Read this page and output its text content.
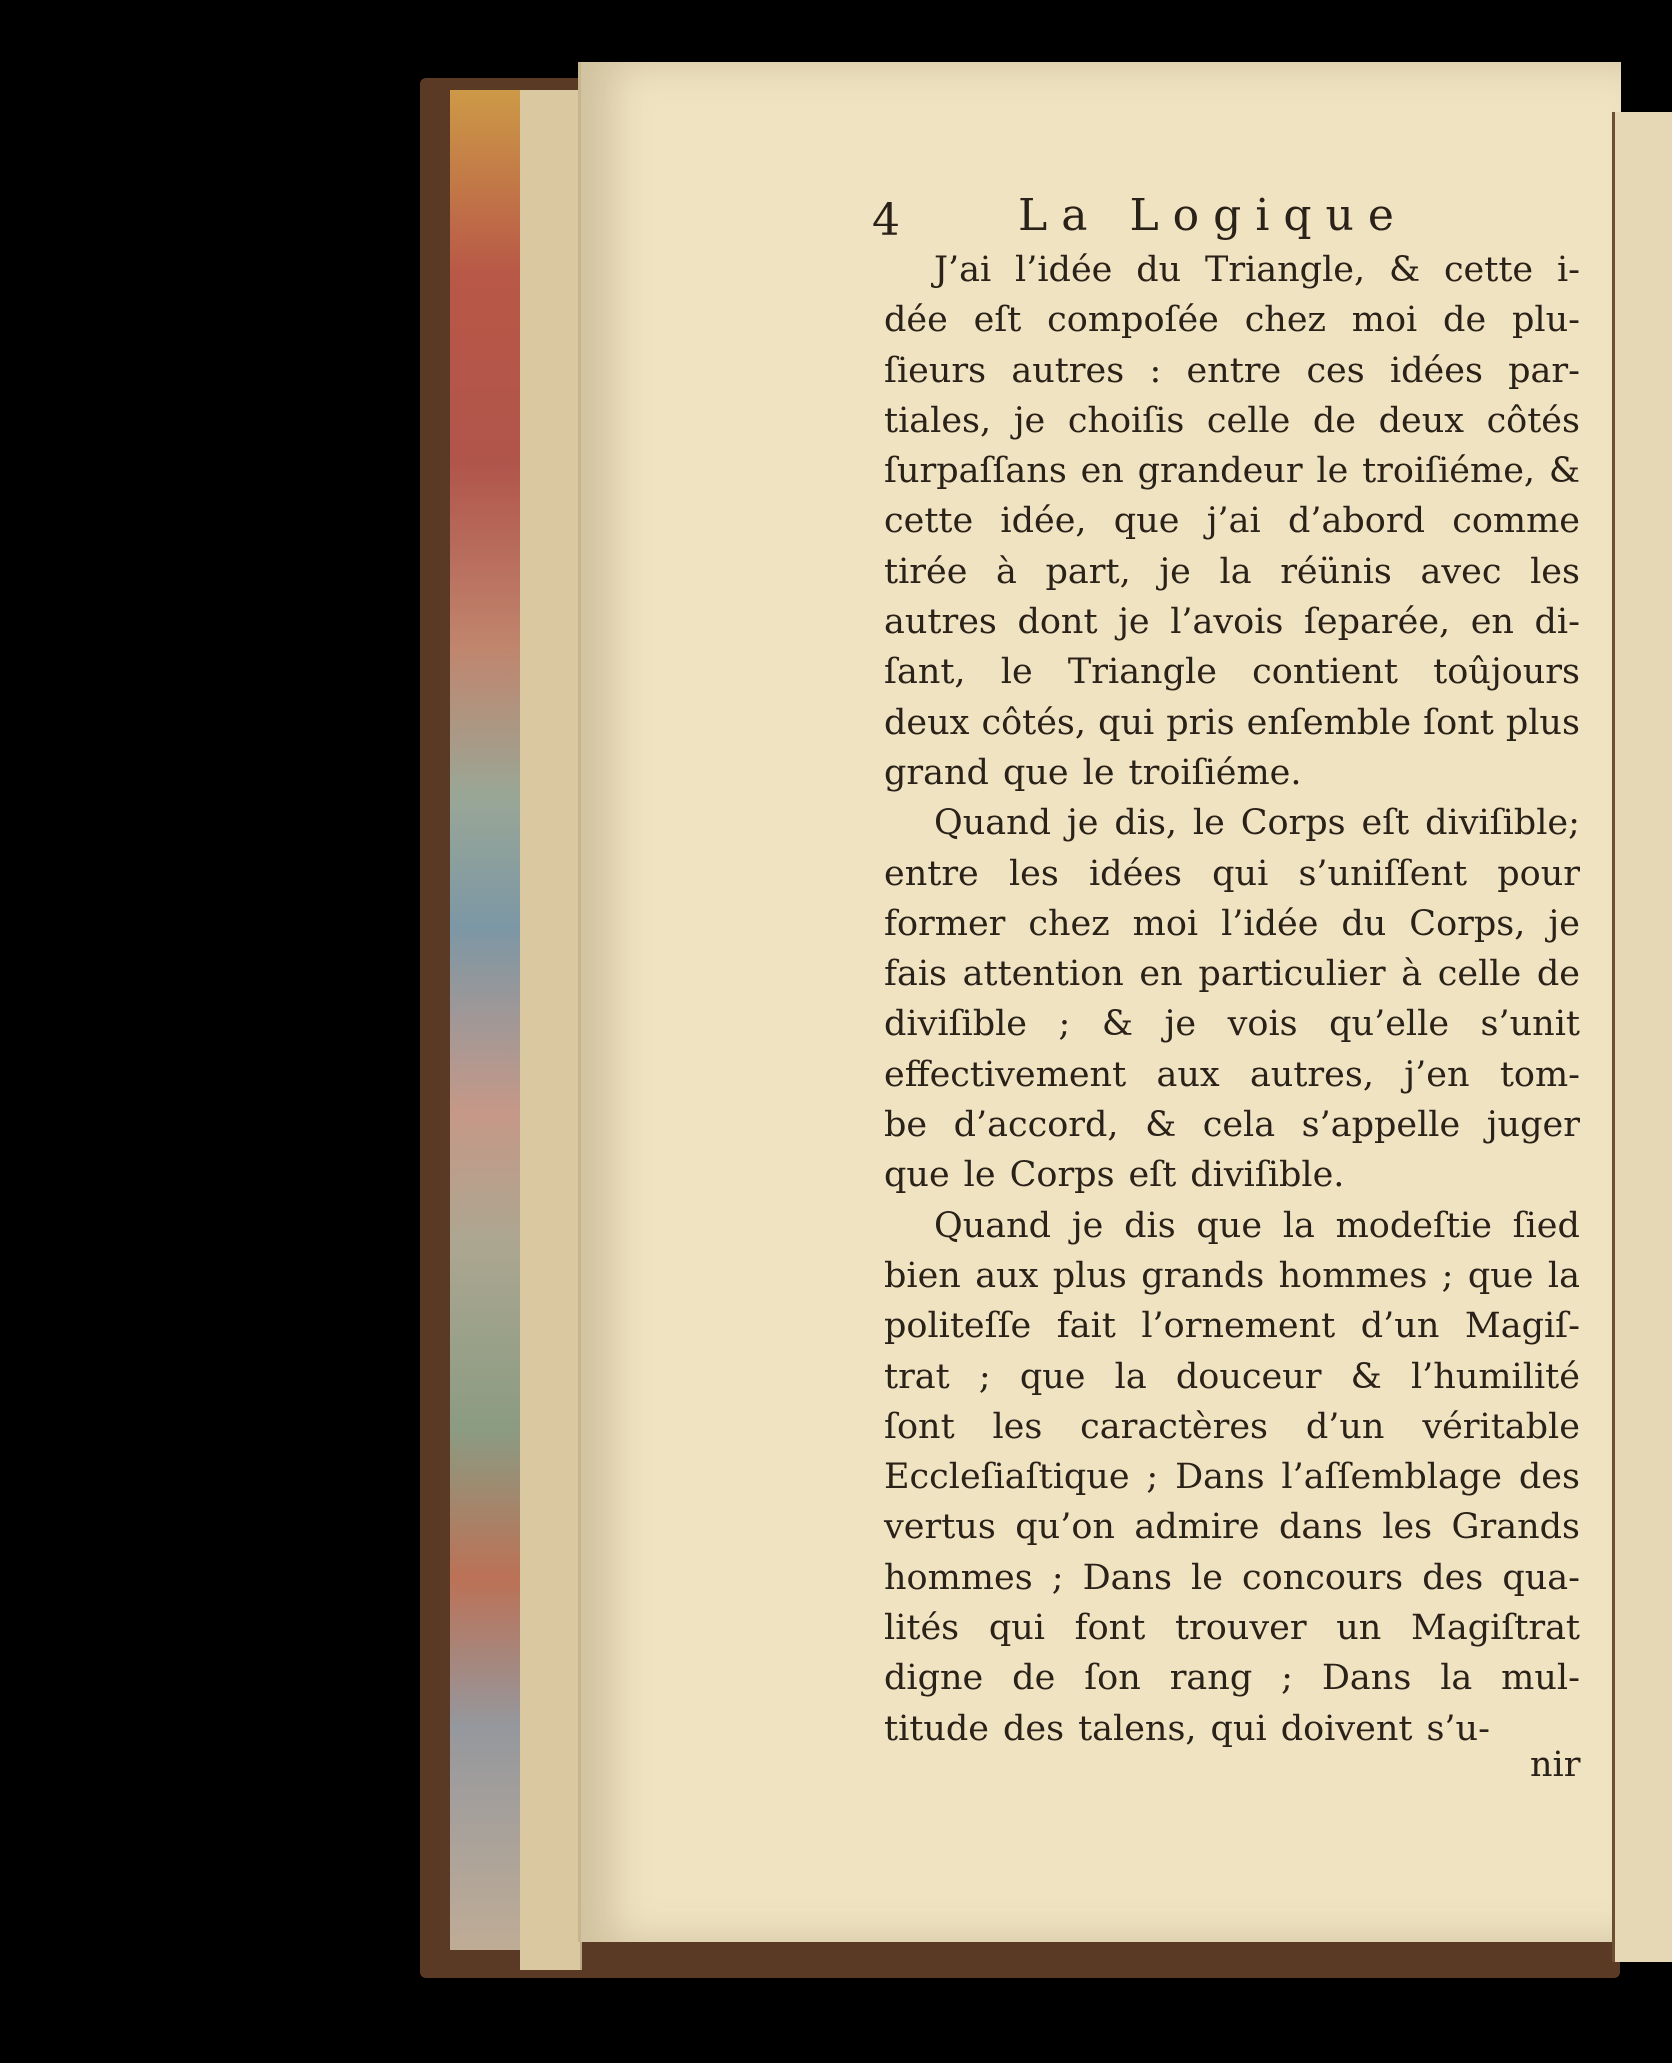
4	La Logique
J’ai l’idée du Triangle, & cette i-
dée eſt compoſée chez moi de plu-
ſieurs autres : entre ces idées par-
tiales, je choiſis celle de deux côtés
ſurpaſſans en grandeur le troiſiéme, &
cette idée, que j’ai d’abord comme
tirée à part, je la réünis avec les
autres dont je l’avois ſeparée, en di-
ſant, le Triangle contient toûjours
deux côtés, qui pris enſemble ſont plus
grand que le troiſiéme.
Quand je dis, le Corps eſt diviſible;
entre les idées qui s’uniſſent pour
former chez moi l’idée du Corps, je
fais attention en particulier à celle de
diviſible ; & je vois qu’elle s’unit
effectivement aux autres, j’en tom-
be d’accord, & cela s’appelle juger
que le Corps eſt diviſible.
Quand je dis que la modeſtie ſied
bien aux plus grands hommes ; que la
politeſſe fait l’ornement d’un Magiſ-
trat ; que la douceur & l’humilité
ſont les caractères d’un véritable
Eccleſiaſtique ; Dans l’aſſemblage des
vertus qu’on admire dans les Grands
hommes ; Dans le concours des qua-
lités qui font trouver un Magiſtrat
digne de ſon rang ; Dans la mul-
titude des talens, qui doivent s’u-
nir
